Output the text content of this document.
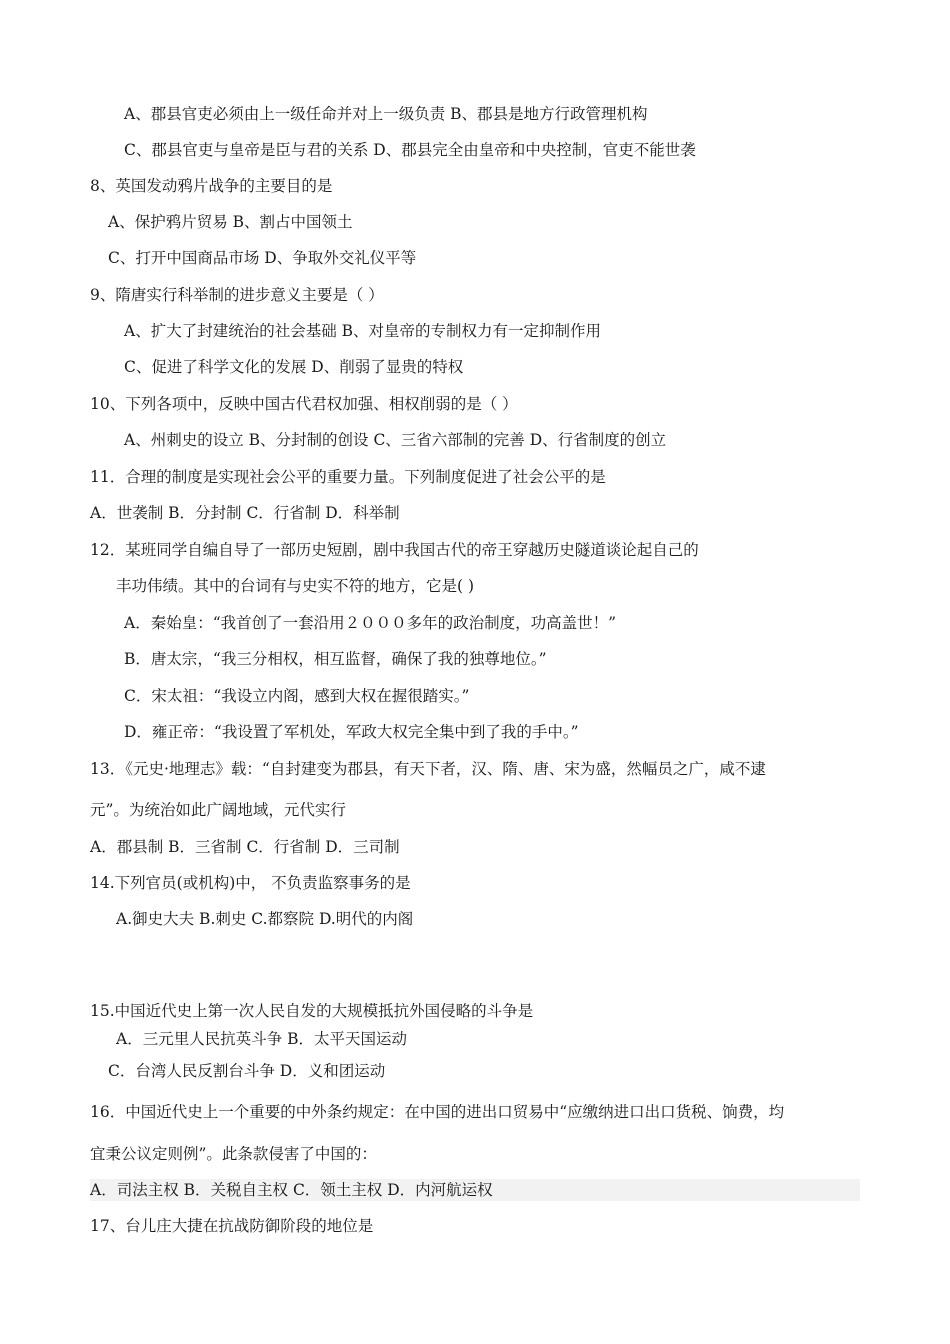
A、郡县官吏必须由上一级任命并对上一级负责 B、郡县是地方行政管理机构
C、郡县官吏与皇帝是臣与君的关系 D、郡县完全由皇帝和中央控制，官吏不能世袭
8、英国发动鸦片战争的主要目的是
A、保护鸦片贸易 B、割占中国领土
C、打开中国商品市场 D、争取外交礼仪平等
9、隋唐实行科举制的进步意义主要是（ ）
A、扩大了封建统治的社会基础 B、对皇帝的专制权力有一定抑制作用
C、促进了科学文化的发展 D、削弱了显贵的特权
10、下列各项中，反映中国古代君权加强、相权削弱的是（ ）
A、州刺史的设立 B、分封制的创设 C、三省六部制的完善 D、行省制度的创立
11．合理的制度是实现社会公平的重要力量。下列制度促进了社会公平的是
A．世袭制 B．分封制 C．行省制 D．科举制
12．某班同学自编自导了一部历史短剧，剧中我国古代的帝王穿越历史隧道谈论起自己的
丰功伟绩。其中的台词有与史实不符的地方，它是( )
A．秦始皇：“我首创了一套沿用２０００多年的政治制度，功高盖世！”
B．唐太宗，“我三分相权，相互监督，确保了我的独尊地位。”
C．宋太祖：“我设立内阁，感到大权在握很踏实。”
D．雍正帝：“我设置了军机处，军政大权完全集中到了我的手中。”
13．《元史·地理志》载：“自封建变为郡县，有天下者，汉、隋、唐、宋为盛，然幅员之广，咸不逮
元”。为统治如此广阔地域，元代实行
A．郡县制 B．三省制 C．行省制 D．三司制
14.下列官员(或机构)中， 不负责监察事务的是
A.御史大夫 B.刺史 C.都察院 D.明代的内阁
15.中国近代史上第一次人民自发的大规模抵抗外国侵略的斗争是
A．三元里人民抗英斗争 B．太平天国运动
C．台湾人民反割台斗争 D．义和团运动
16．中国近代史上一个重要的中外条约规定：在中国的进出口贸易中“应缴纳进口出口货税、饷费，均
宜秉公议定则例”。此条款侵害了中国的：
A．司法主权 B．关税自主权 C．领土主权 D．内河航运权
17、台儿庄大捷在抗战防御阶段的地位是
